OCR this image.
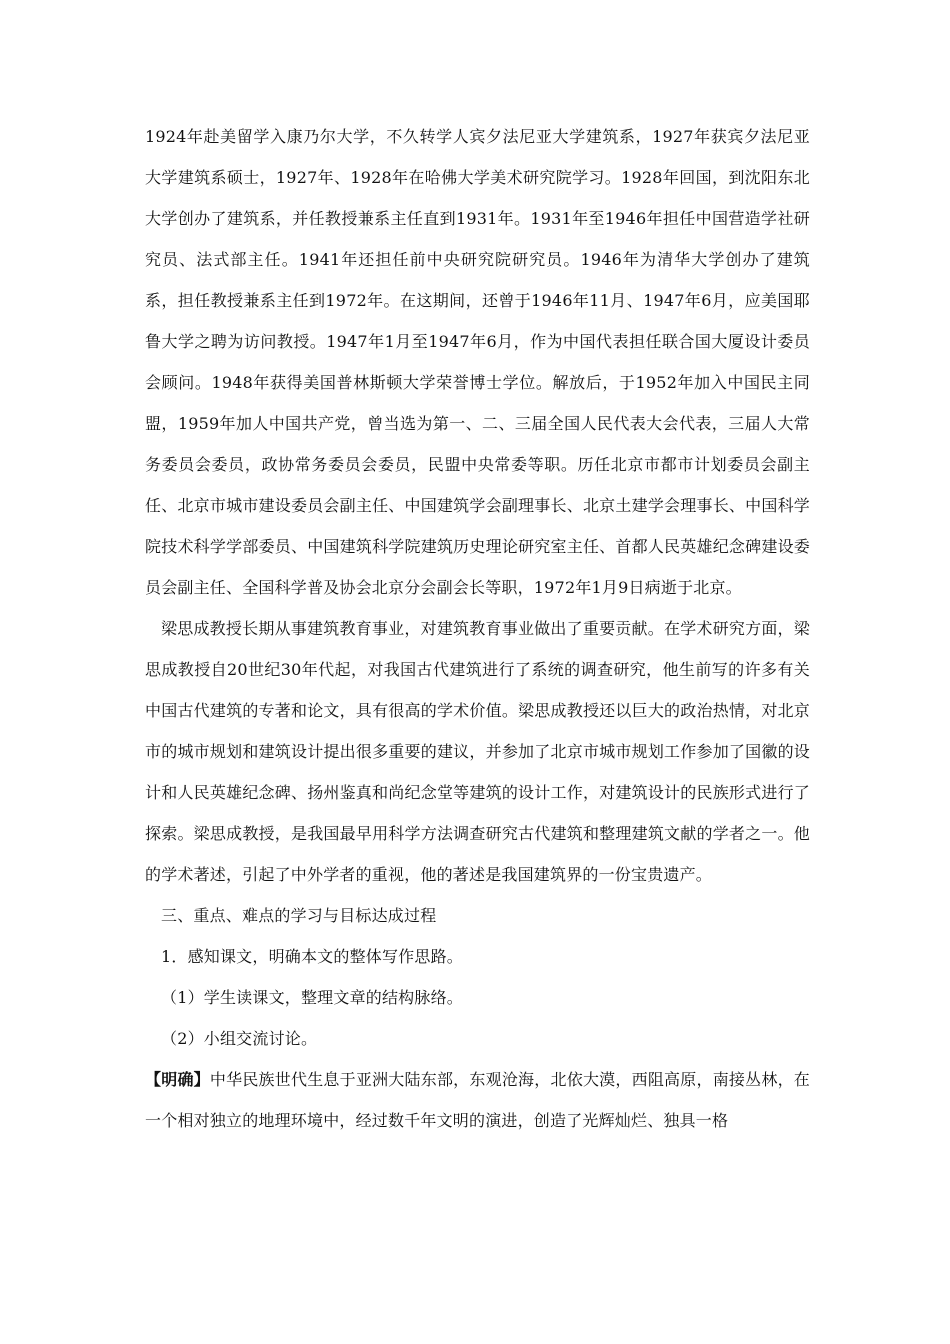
1924年赴美留学入康乃尔大学，不久转学人宾夕法尼亚大学建筑系，1927年获宾夕法尼亚大学建筑系硕士，1927年、1928年在哈佛大学美术研究院学习。1928年回国，到沈阳东北大学创办了建筑系，并任教授兼系主任直到1931年。1931年至1946年担任中国营造学社研究员、法式部主任。1941年还担任前中央研究院研究员。1946年为清华大学创办了建筑系，担任教授兼系主任到1972年。在这期间，还曾于1946年11月、1947年6月，应美国耶鲁大学之聘为访问教授。1947年1月至1947年6月，作为中国代表担任联合国大厦设计委员会顾问。1948年获得美国普林斯顿大学荣誉博士学位。解放后，于1952年加入中国民主同盟，1959年加人中国共产党，曾当选为第一、二、三届全国人民代表大会代表，三届人大常务委员会委员，政协常务委员会委员，民盟中央常委等职。历任北京市都市计划委员会副主任、北京市城市建设委员会副主任、中国建筑学会副理事长、北京土建学会理事长、中国科学院技术科学学部委员、中国建筑科学院建筑历史理论研究室主任、首都人民英雄纪念碑建设委员会副主任、全国科学普及协会北京分会副会长等职，1972年1月9日病逝于北京。

梁思成教授长期从事建筑教育事业，对建筑教育事业做出了重要贡献。在学术研究方面，梁思成教授自20世纪30年代起，对我国古代建筑进行了系统的调查研究，他生前写的许多有关中国古代建筑的专著和论文，具有很高的学术价值。梁思成教授还以巨大的政治热情，对北京市的城市规划和建筑设计提出很多重要的建议，并参加了北京市城市规划工作参加了国徽的设计和人民英雄纪念碑、扬州鉴真和尚纪念堂等建筑的设计工作，对建筑设计的民族形式进行了探索。梁思成教授，是我国最早用科学方法调查研究古代建筑和整理建筑文献的学者之一。他的学术著述，引起了中外学者的重视，他的著述是我国建筑界的一份宝贵遗产。

三、重点、难点的学习与目标达成过程

1．感知课文，明确本文的整体写作思路。

（1）学生读课文，整理文章的结构脉络。

（2）小组交流讨论。

【明确】中华民族世代生息于亚洲大陆东部，东观沧海，北依大漠，西阻高原，南接丛林，在一个相对独立的地理环境中，经过数千年文明的演进，创造了光辉灿烂、独具一格
